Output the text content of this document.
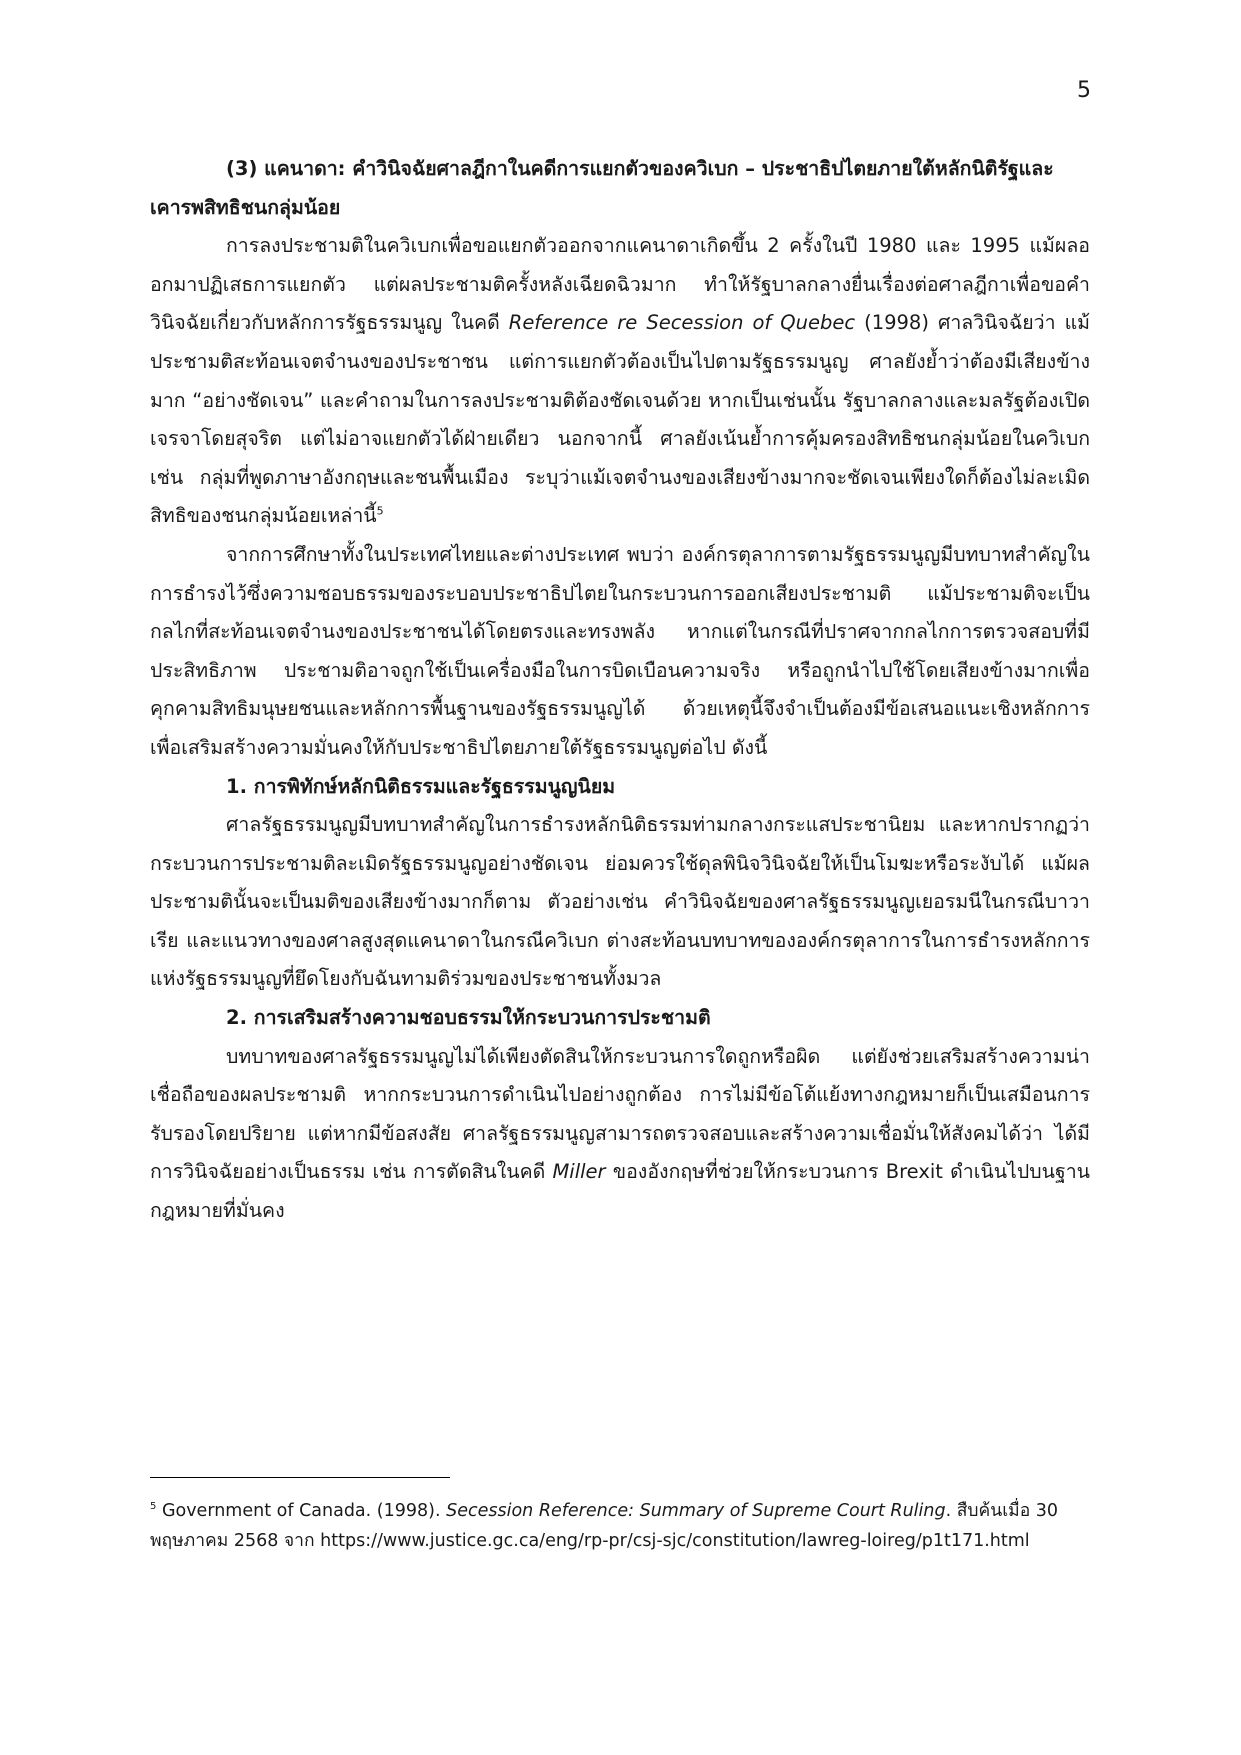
5

(3) แคนาดา: คำวินิจฉัยศาลฎีกาในคดีการแยกตัวของควิเบก – ประชาธิปไตยภายใต้หลักนิติรัฐและเคารพสิทธิชนกลุ่มน้อย

การลงประชามติในควิเบกเพื่อขอแยกตัวออกจากแคนาดาเกิดขึ้น 2 ครั้งในปี 1980 และ 1995 แม้ผลออกมาปฏิเสธการแยกตัว แต่ผลประชามติครั้งหลังเฉียดฉิวมาก ทำให้รัฐบาลกลางยื่นเรื่องต่อศาลฎีกาเพื่อขอคำวินิจฉัยเกี่ยวกับหลักการรัฐธรรมนูญ ในคดี Reference re Secession of Quebec (1998) ศาลวินิจฉัยว่า แม้ประชามติสะท้อนเจตจำนงของประชาชน แต่การแยกตัวต้องเป็นไปตามรัฐธรรมนูญ ศาลยังย้ำว่าต้องมีเสียงข้างมาก “อย่างชัดเจน” และคำถามในการลงประชามติต้องชัดเจนด้วย หากเป็นเช่นนั้น รัฐบาลกลางและมลรัฐต้องเปิดเจรจาโดยสุจริต แต่ไม่อาจแยกตัวได้ฝ่ายเดียว นอกจากนี้ ศาลยังเน้นย้ำการคุ้มครองสิทธิชนกลุ่มน้อยในควิเบก เช่น กลุ่มที่พูดภาษาอังกฤษและชนพื้นเมือง ระบุว่าแม้เจตจำนงของเสียงข้างมากจะชัดเจนเพียงใดก็ต้องไม่ละเมิดสิทธิของชนกลุ่มน้อยเหล่านี้$^5$

จากการศึกษาทั้งในประเทศไทยและต่างประเทศ พบว่า องค์กรตุลาการตามรัฐธรรมนูญมีบทบาทสำคัญในการธำรงไว้ซึ่งความชอบธรรมของระบอบประชาธิปไตยในกระบวนการออกเสียงประชามติ แม้ประชามติจะเป็นกลไกที่สะท้อนเจตจำนงของประชาชนได้โดยตรงและทรงพลัง หากแต่ในกรณีที่ปราศจากกลไกการตรวจสอบที่มีประสิทธิภาพ ประชามติอาจถูกใช้เป็นเครื่องมือในการบิดเบือนความจริง หรือถูกนำไปใช้โดยเสียงข้างมากเพื่อคุกคามสิทธิมนุษยชนและหลักการพื้นฐานของรัฐธรรมนูญได้ ด้วยเหตุนี้จึงจำเป็นต้องมีข้อเสนอแนะเชิงหลักการเพื่อเสริมสร้างความมั่นคงให้กับประชาธิปไตยภายใต้รัฐธรรมนูญต่อไป ดังนี้

1. การพิทักษ์หลักนิติธรรมและรัฐธรรมนูญนิยม

ศาลรัฐธรรมนูญมีบทบาทสำคัญในการธำรงหลักนิติธรรมท่ามกลางกระแสประชานิยม และหากปรากฏว่ากระบวนการประชามติละเมิดรัฐธรรมนูญอย่างชัดเจน ย่อมควรใช้ดุลพินิจวินิจฉัยให้เป็นโมฆะหรือระงับได้ แม้ผลประชามตินั้นจะเป็นมติของเสียงข้างมากก็ตาม ตัวอย่างเช่น คำวินิจฉัยของศาลรัฐธรรมนูญเยอรมนีในกรณีบาวาเรีย และแนวทางของศาลสูงสุดแคนาดาในกรณีควิเบก ต่างสะท้อนบทบาทขององค์กรตุลาการในการธำรงหลักการแห่งรัฐธรรมนูญที่ยึดโยงกับฉันทามติร่วมของประชาชนทั้งมวล

2. การเสริมสร้างความชอบธรรมให้กระบวนการประชามติ

บทบาทของศาลรัฐธรรมนูญไม่ได้เพียงตัดสินให้กระบวนการใดถูกหรือผิด แต่ยังช่วยเสริมสร้างความน่าเชื่อถือของผลประชามติ หากกระบวนการดำเนินไปอย่างถูกต้อง การไม่มีข้อโต้แย้งทางกฎหมายก็เป็นเสมือนการรับรองโดยปริยาย แต่หากมีข้อสงสัย ศาลรัฐธรรมนูญสามารถตรวจสอบและสร้างความเชื่อมั่นให้สังคมได้ว่า ได้มีการวินิจฉัยอย่างเป็นธรรม เช่น การตัดสินในคดี Miller ของอังกฤษที่ช่วยให้กระบวนการ Brexit ดำเนินไปบนฐานกฎหมายที่มั่นคง

$^5$ Government of Canada. (1998). Secession Reference: Summary of Supreme Court Ruling. สืบค้นเมื่อ 30 พฤษภาคม 2568 จาก https://www.justice.gc.ca/eng/rp-pr/csj-sjc/constitution/lawreg-loireg/p1t171.html
